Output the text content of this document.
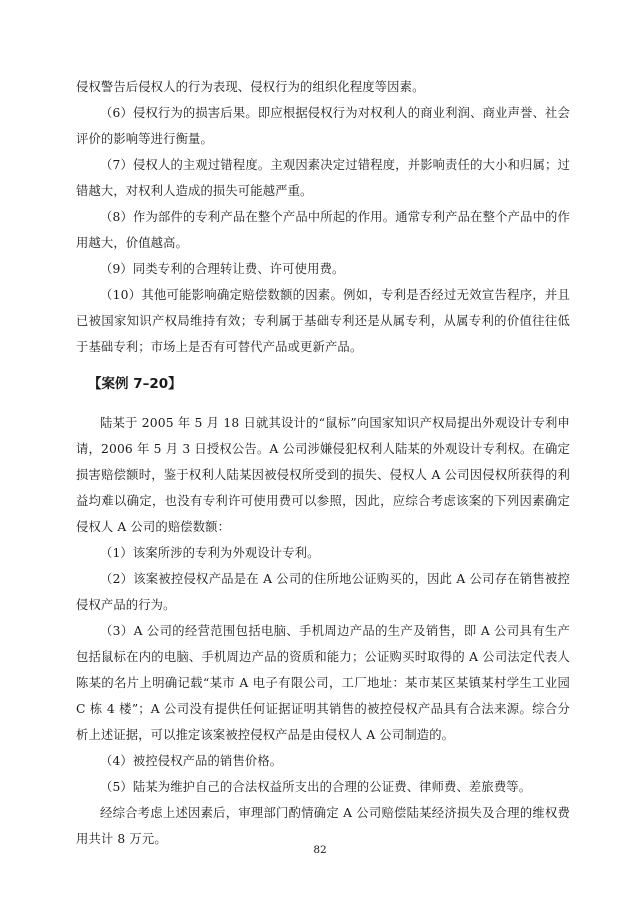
侵权警告后侵权人的行为表现、侵权行为的组织化程度等因素。

（6）侵权行为的损害后果。即应根据侵权行为对权利人的商业利润、商业声誉、社会评价的影响等进行衡量。

（7）侵权人的主观过错程度。主观因素决定过错程度，并影响责任的大小和归属；过错越大，对权利人造成的损失可能越严重。

（8）作为部件的专利产品在整个产品中所起的作用。通常专利产品在整个产品中的作用越大，价值越高。

（9）同类专利的合理转让费、许可使用费。

（10）其他可能影响确定赔偿数额的因素。例如，专利是否经过无效宣告程序，并且已被国家知识产权局维持有效；专利属于基础专利还是从属专利，从属专利的价值往往低于基础专利；市场上是否有可替代产品或更新产品。

【案例 7–20】

陆某于 2005 年 5 月 18 日就其设计的“鼠标”向国家知识产权局提出外观设计专利申请，2006 年 5 月 3 日授权公告。A 公司涉嫌侵犯权利人陆某的外观设计专利权。在确定损害赔偿额时，鉴于权利人陆某因被侵权所受到的损失、侵权人 A 公司因侵权所获得的利益均难以确定，也没有专利许可使用费可以参照，因此，应综合考虑该案的下列因素确定侵权人 A 公司的赔偿数额：

（1）该案所涉的专利为外观设计专利。

（2）该案被控侵权产品是在 A 公司的住所地公证购买的，因此 A 公司存在销售被控侵权产品的行为。

（3）A 公司的经营范围包括电脑、手机周边产品的生产及销售，即 A 公司具有生产包括鼠标在内的电脑、手机周边产品的资质和能力；公证购买时取得的 A 公司法定代表人陈某的名片上明确记载“某市 A 电子有限公司，工厂地址：某市某区某镇某村学生工业园 C 栋 4 楼”；A 公司没有提供任何证据证明其销售的被控侵权产品具有合法来源。综合分析上述证据，可以推定该案被控侵权产品是由侵权人 A 公司制造的。

（4）被控侵权产品的销售价格。

（5）陆某为维护自己的合法权益所支出的合理的公证费、律师费、差旅费等。

经综合考虑上述因素后，审理部门酌情确定 A 公司赔偿陆某经济损失及合理的维权费用共计 8 万元。

82
